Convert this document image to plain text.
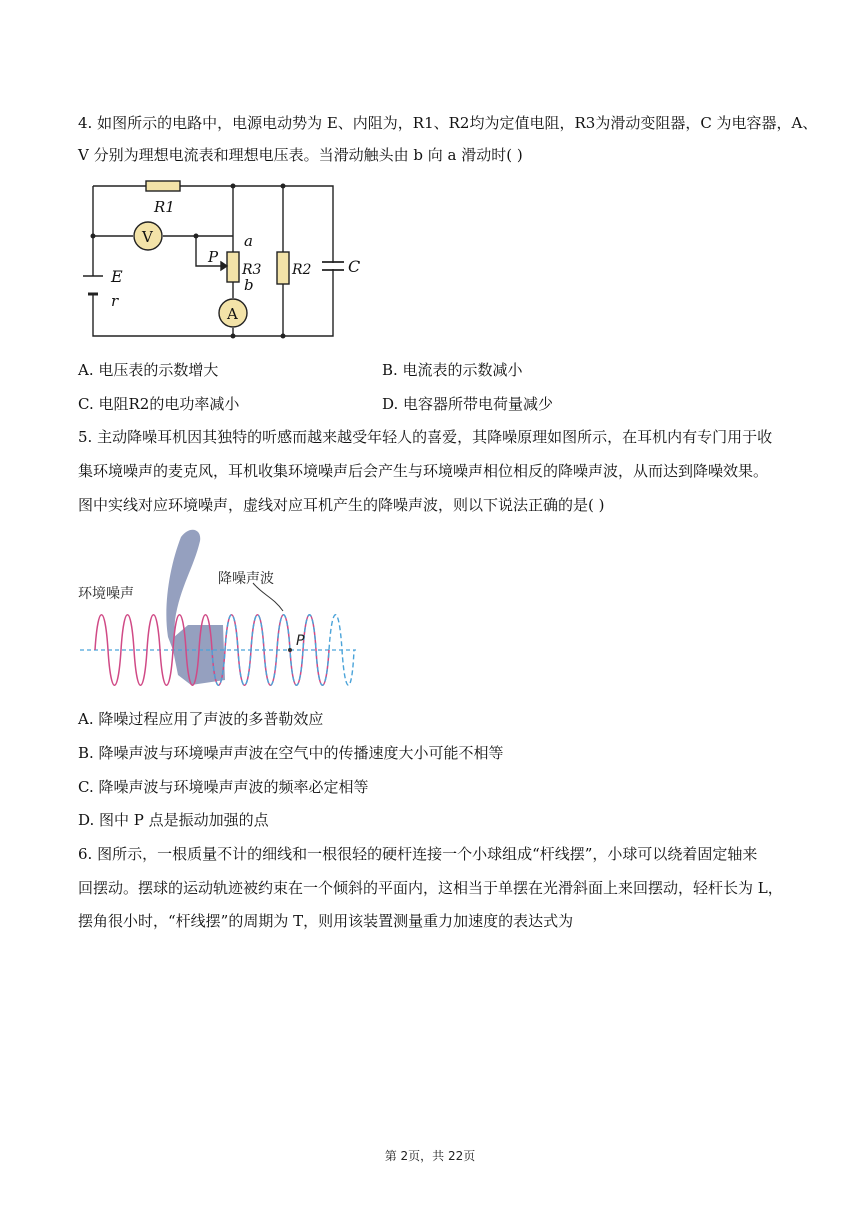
4. 如图所示的电路中，电源电动势为 E、内阻为，R1、R2均为定值电阻，R3为滑动变阻器，C 为电容器，A、
V 分别为理想电流表和理想电压表。当滑动触头由 b 向 a 滑动时( )
V
A
R1
R3 R2 C
E
r
a
b
P
A. 电压表的示数增大	B. 电流表的示数减小
C. 电阻R2的电功率减小	D. 电容器所带电荷量减少
5. 主动降噪耳机因其独特的听感而越来越受年轻人的喜爱，其降噪原理如图所示，在耳机内有专门用于收
集环境噪声的麦克风，耳机收集环境噪声后会产生与环境噪声相位相反的降噪声波，从而达到降噪效果。
图中实线对应环境噪声，虚线对应耳机产生的降噪声波，则以下说法正确的是( )
环境噪声
降噪声波
P
A. 降噪过程应用了声波的多普勒效应
B. 降噪声波与环境噪声声波在空气中的传播速度大小可能不相等
C. 降噪声波与环境噪声声波的频率必定相等
D. 图中 P 点是振动加强的点
6. 图所示，一根质量不计的细线和一根很轻的硬杆连接一个小球组成“杆线摆”，小球可以绕着固定轴来
回摆动。摆球的运动轨迹被约束在一个倾斜的平面内，这相当于单摆在光滑斜面上来回摆动，轻杆长为 L，
摆角很小时，“杆线摆”的周期为 T，则用该装置测量重力加速度的表达式为
第 2页，共 22页
